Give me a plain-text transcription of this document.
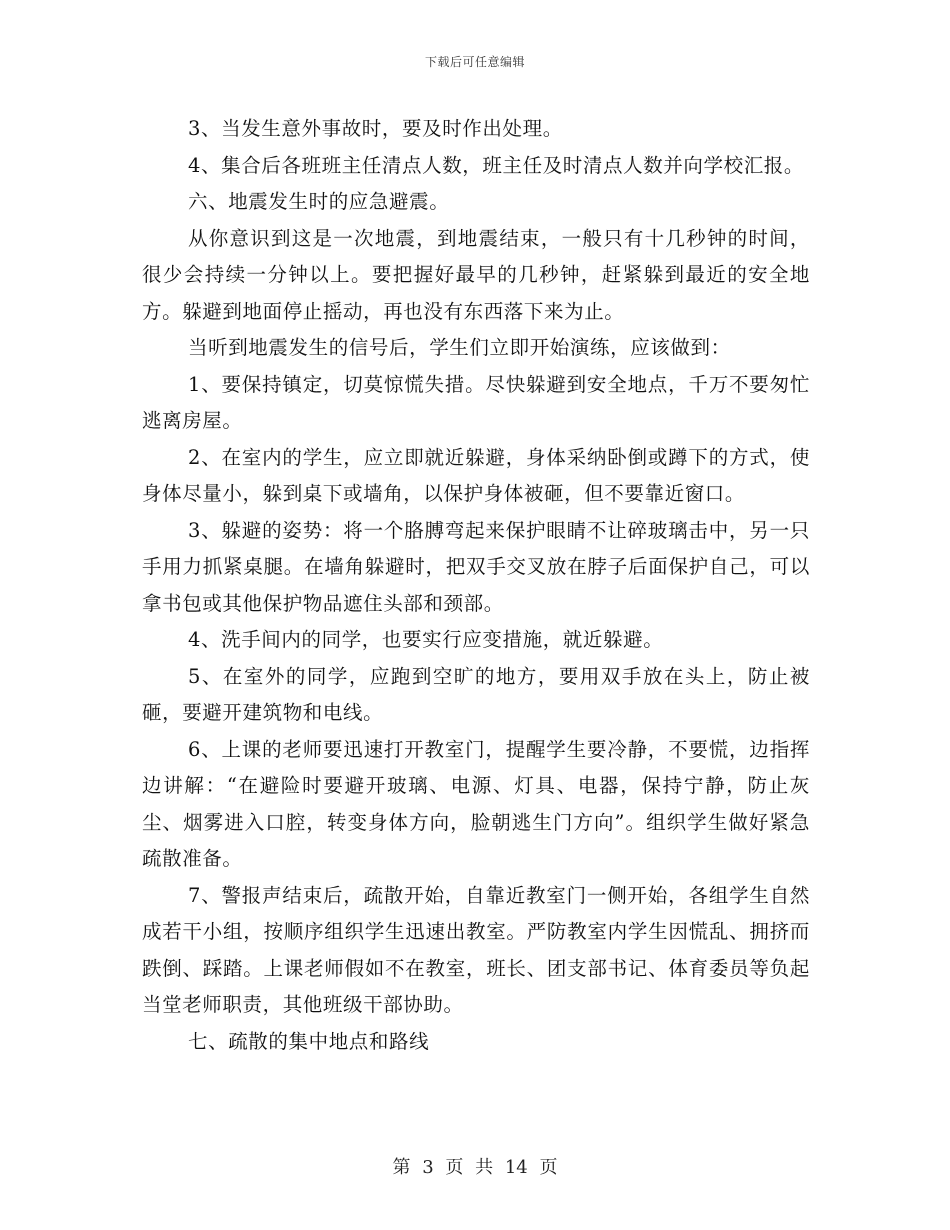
下载后可任意编辑

3、当发生意外事故时，要及时作出处理。

4、集合后各班班主任清点人数，班主任及时清点人数并向学校汇报。

六、地震发生时的应急避震。

从你意识到这是一次地震，到地震结束，一般只有十几秒钟的时间，很少会持续一分钟以上。要把握好最早的几秒钟，赶紧躲到最近的安全地方。躲避到地面停止摇动，再也没有东西落下来为止。

当听到地震发生的信号后，学生们立即开始演练，应该做到：

1、要保持镇定，切莫惊慌失措。尽快躲避到安全地点，千万不要匆忙逃离房屋。

2、在室内的学生，应立即就近躲避，身体采纳卧倒或蹲下的方式，使身体尽量小，躲到桌下或墙角，以保护身体被砸，但不要靠近窗口。

3、躲避的姿势：将一个胳膊弯起来保护眼睛不让碎玻璃击中，另一只手用力抓紧桌腿。在墙角躲避时，把双手交叉放在脖子后面保护自己，可以拿书包或其他保护物品遮住头部和颈部。

4、洗手间内的同学，也要实行应变措施，就近躲避。

5、在室外的同学，应跑到空旷的地方，要用双手放在头上，防止被砸，要避开建筑物和电线。

6、上课的老师要迅速打开教室门，提醒学生要冷静，不要慌，边指挥边讲解：“在避险时要避开玻璃、电源、灯具、电器，保持宁静，防止灰尘、烟雾进入口腔，转变身体方向，脸朝逃生门方向”。组织学生做好紧急疏散准备。

7、警报声结束后，疏散开始，自靠近教室门一侧开始，各组学生自然成若干小组，按顺序组织学生迅速出教室。严防教室内学生因慌乱、拥挤而跌倒、踩踏。上课老师假如不在教室，班长、团支部书记、体育委员等负起当堂老师职责，其他班级干部协助。

七、疏散的集中地点和路线

第 3 页 共 14 页
